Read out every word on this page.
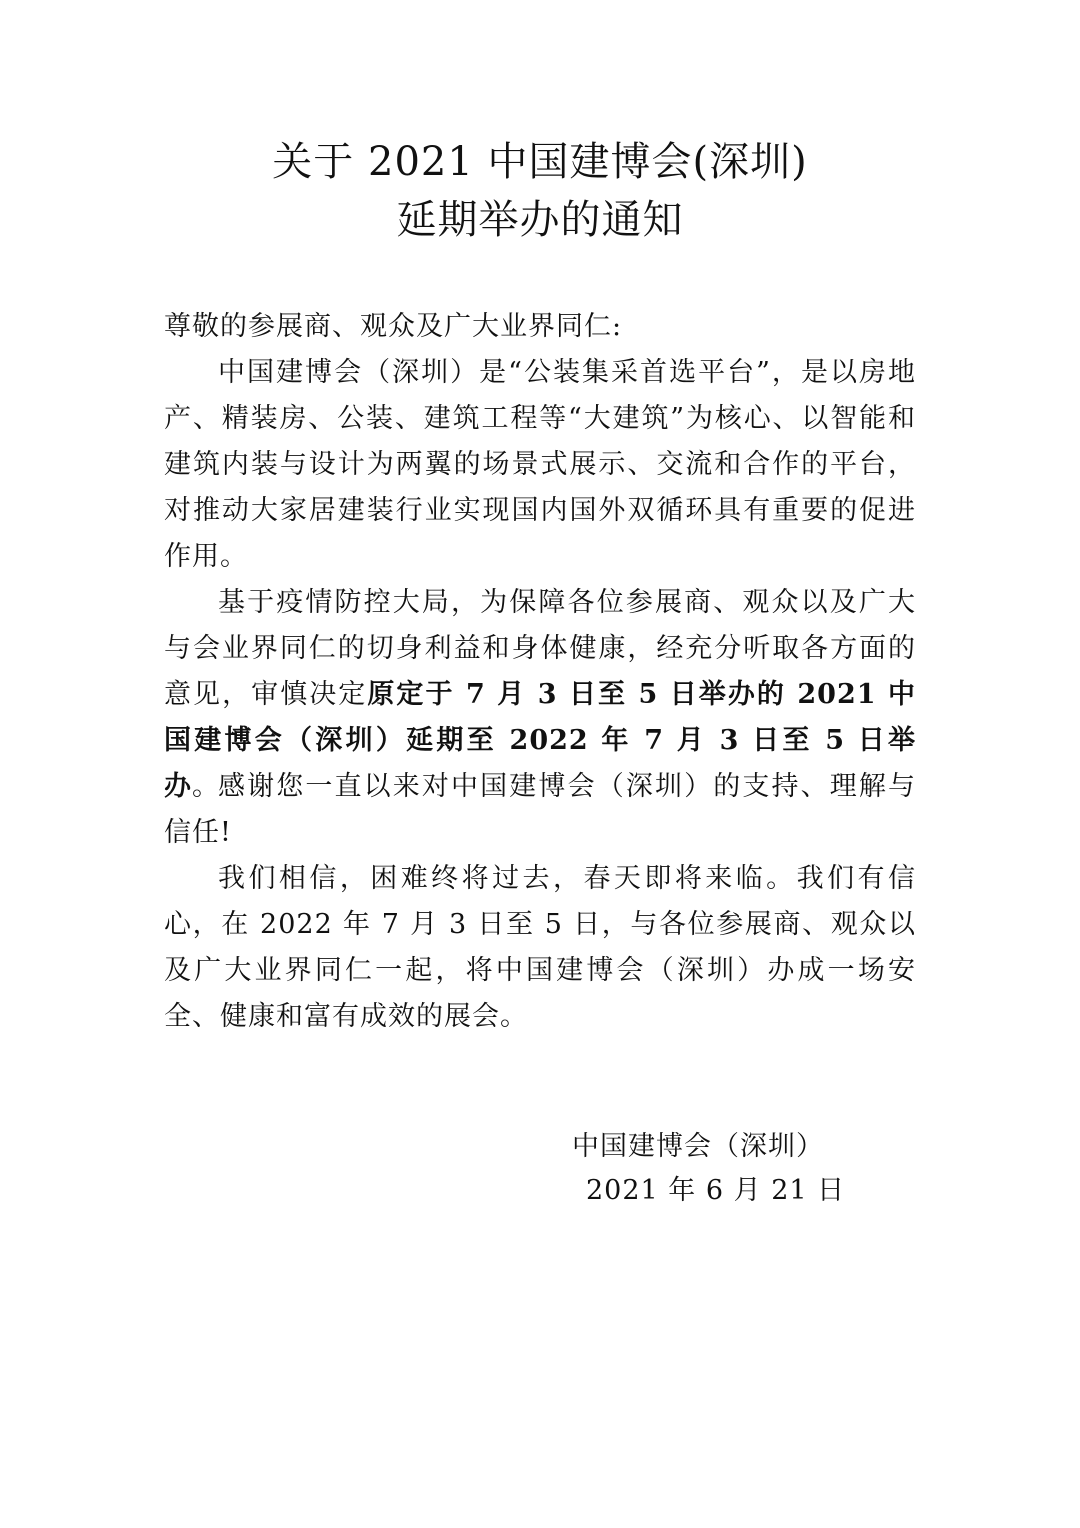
关于 2021 中国建博会(深圳)
延期举办的通知

尊敬的参展商、观众及广大业界同仁:

中国建博会（深圳）是“公装集采首选平台”，是以房地产、精装房、公装、建筑工程等“大建筑”为核心、以智能和建筑内装与设计为两翼的场景式展示、交流和合作的平台，对推动大家居建装行业实现国内国外双循环具有重要的促进作用。

基于疫情防控大局，为保障各位参展商、观众以及广大与会业界同仁的切身利益和身体健康，经充分听取各方面的意见，审慎决定原定于 7 月 3 日至 5 日举办的 2021 中国建博会（深圳）延期至 2022 年 7 月 3 日至 5 日举办。

感谢您一直以来对中国建博会（深圳）的支持、理解与信任!

我们相信，困难终将过去，春天即将来临。我们有信心，在 2022 年 7 月 3 日至 5 日，与各位参展商、观众以及广大业界同仁一起，将中国建博会（深圳）办成一场安全、健康和富有成效的展会。

中国建博会（深圳）

2021 年 6 月 21 日
